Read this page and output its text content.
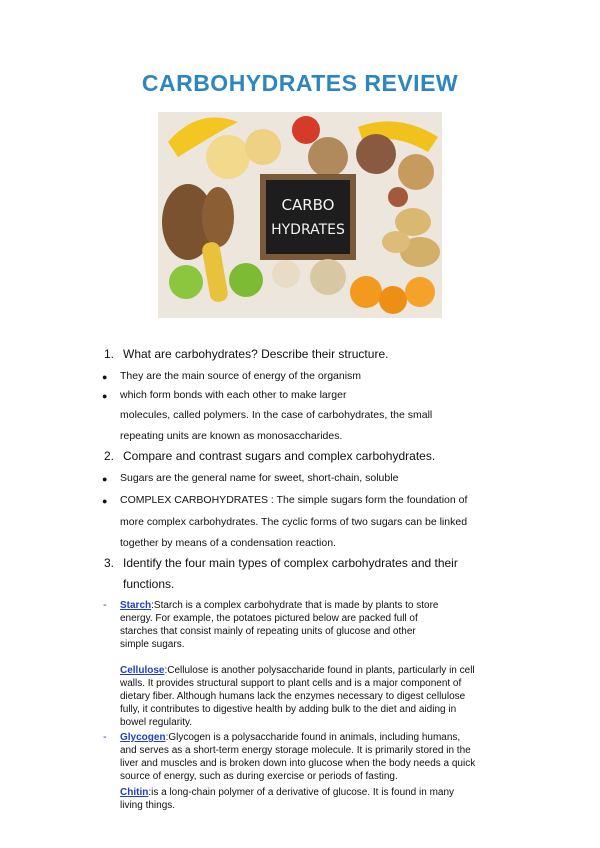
CARBOHYDRATES REVIEW
CARBO
HYDRATES
1. What are carbohydrates? Describe their structure.
● They are the main source of energy of the organism
● which form bonds with each other to make larger
molecules, called polymers. In the case of carbohydrates, the small
repeating units are known as monosaccharides.
2. Compare and contrast sugars and complex carbohydrates.
● Sugars are the general name for sweet, short-chain, soluble
● COMPLEX CARBOHYDRATES : The simple sugars form the foundation of
more complex carbohydrates. The cyclic forms of two sugars can be linked
together by means of a condensation reaction.
3. Identify the four main types of complex carbohydrates and their
functions.
- Starch:Starch is a complex carbohydrate that is made by plants to store
energy. For example, the potatoes pictured below are packed full of
starches that consist mainly of repeating units of glucose and other
simple sugars.
Cellulose:Cellulose is another polysaccharide found in plants, particularly in cell
walls. It provides structural support to plant cells and is a major component of
dietary fiber. Although humans lack the enzymes necessary to digest cellulose
fully, it contributes to digestive health by adding bulk to the diet and aiding in
bowel regularity.
- Glycogen:Glycogen is a polysaccharide found in animals, including humans,
and serves as a short-term energy storage molecule. It is primarily stored in the
liver and muscles and is broken down into glucose when the body needs a quick
source of energy, such as during exercise or periods of fasting.
Chitin:is a long-chain polymer of a derivative of glucose. It is found in many
living things.
